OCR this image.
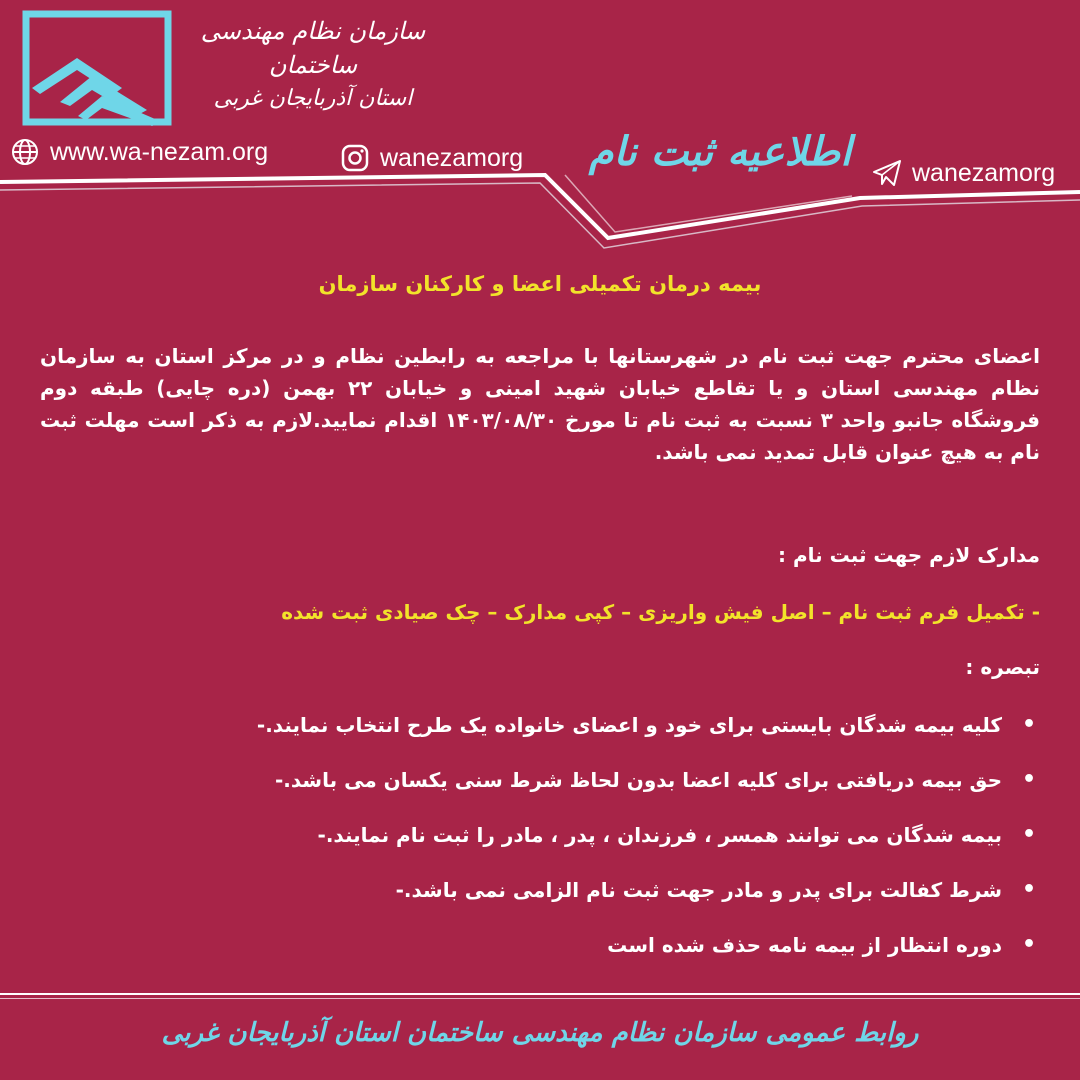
سازمان نظام مهندسی ساختمان
استان آذربایجان غربی
www.wa-nezam.org	wanezamorg
wanezamorg
اطلاعیه ثبت نام
بیمه درمان تکمیلی اعضا و کارکنان سازمان
اعضای محترم جهت ثبت نام در شهرستانها با مراجعه به رابطین نظام و در مرکز استان به سازمان نظام مهندسی استان و یا تقاطع خیابان شهید امینی و خیابان ۲۲ بهمن (دره چایی) طبقه دوم فروشگاه جانبو واحد ۳ نسبت به ثبت نام تا مورخ ۱۴۰۳/۰۸/۳۰ اقدام نمایید.لازم به ذکر است مهلت ثبت نام به هیچ عنوان قابل تمدید نمی باشد.
مدارک لازم جهت ثبت نام :
- تکمیل فرم ثبت نام – اصل فیش واریزی – کپی مدارک – چک صیادی ثبت شده
تبصره :
•
کلیه بیمه شدگان بایستی برای خود و اعضای خانواده یک طرح انتخاب نمایند.-
•
حق بیمه دریافتی برای کلیه اعضا بدون لحاظ شرط سنی یکسان می باشد.-
•
بیمه شدگان می توانند همسر ، فرزندان ، پدر ، مادر را ثبت نام نمایند.-
•
شرط کفالت برای پدر و مادر جهت ثبت نام الزامی نمی باشد.-
•
دوره انتظار از بیمه نامه حذف شده است
روابط عمومی سازمان نظام مهندسی ساختمان استان آذربایجان غربی
